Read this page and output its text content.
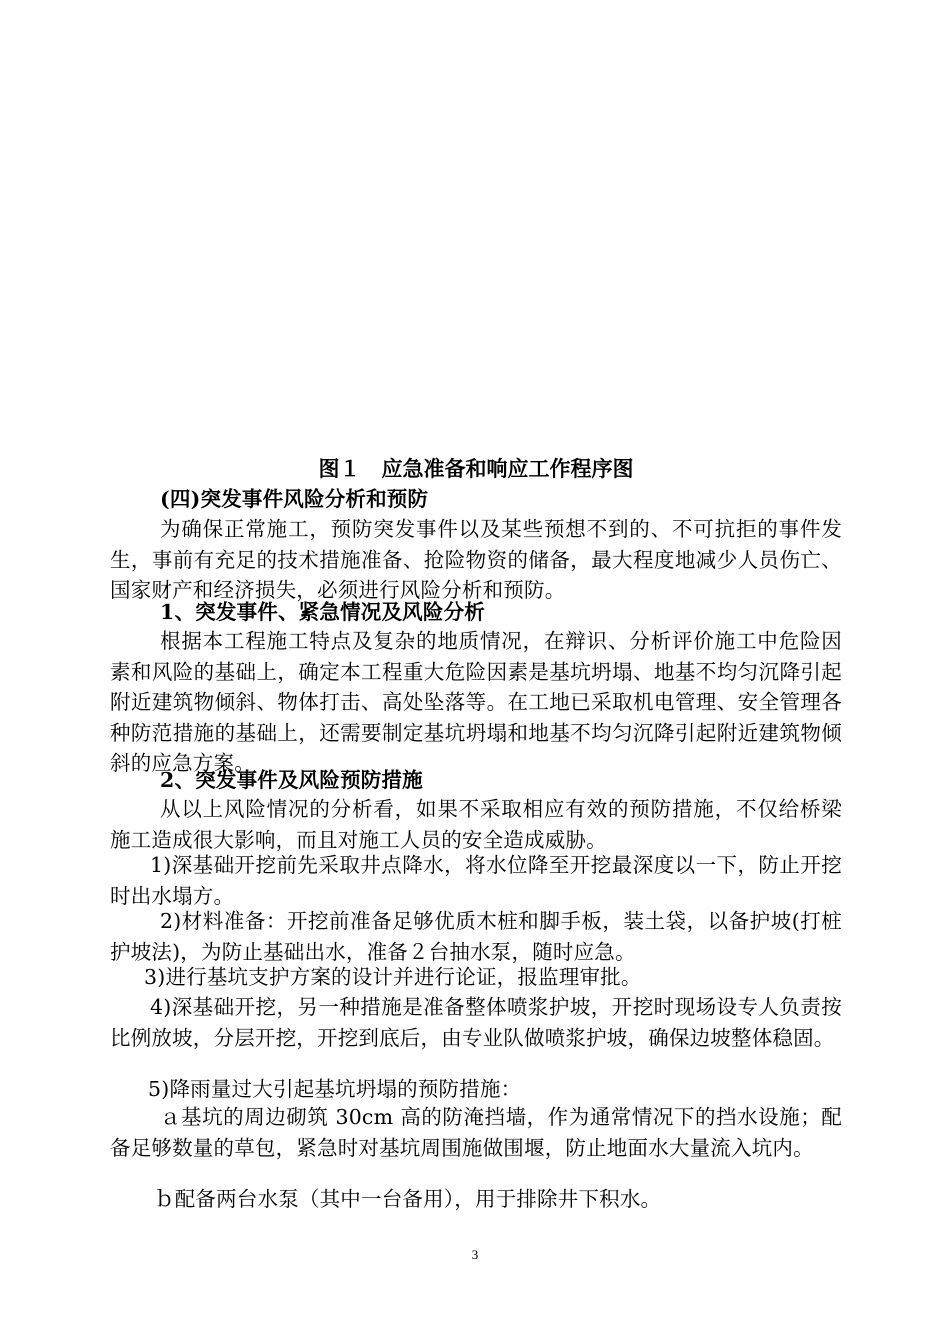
图１　应急准备和响应工作程序图

(四)突发事件风险分析和预防

为确保正常施工，预防突发事件以及某些预想不到的、不可抗拒的事件发生，事前有充足的技术措施准备、抢险物资的储备，最大程度地减少人员伤亡、国家财产和经济损失，必须进行风险分析和预防。

1、突发事件、紧急情况及风险分析

根据本工程施工特点及复杂的地质情况，在辩识、分析评价施工中危险因素和风险的基础上，确定本工程重大危险因素是基坑坍塌、地基不均匀沉降引起附近建筑物倾斜、物体打击、高处坠落等。在工地已采取机电管理、安全管理各种防范措施的基础上，还需要制定基坑坍塌和地基不均匀沉降引起附近建筑物倾斜的应急方案。

2、突发事件及风险预防措施

从以上风险情况的分析看，如果不采取相应有效的预防措施，不仅给桥梁施工造成很大影响，而且对施工人员的安全造成威胁。

1)深基础开挖前先采取井点降水，将水位降至开挖最深度以一下，防止开挖时出水塌方。

2)材料准备：开挖前准备足够优质木桩和脚手板，装土袋，以备护坡(打桩护坡法)，为防止基础出水，准备２台抽水泵，随时应急。

3)进行基坑支护方案的设计并进行论证，报监理审批。

4)深基础开挖，另一种措施是准备整体喷浆护坡，开挖时现场设专人负责按比例放坡，分层开挖，开挖到底后，由专业队做喷浆护坡，确保边坡整体稳固。

5)降雨量过大引起基坑坍塌的预防措施：

ａ基坑的周边砌筑 30cm 高的防淹挡墙，作为通常情况下的挡水设施；配备足够数量的草包，紧急时对基坑周围施做围堰，防止地面水大量流入坑内。

ｂ配备两台水泵（其中一台备用），用于排除井下积水。

3
